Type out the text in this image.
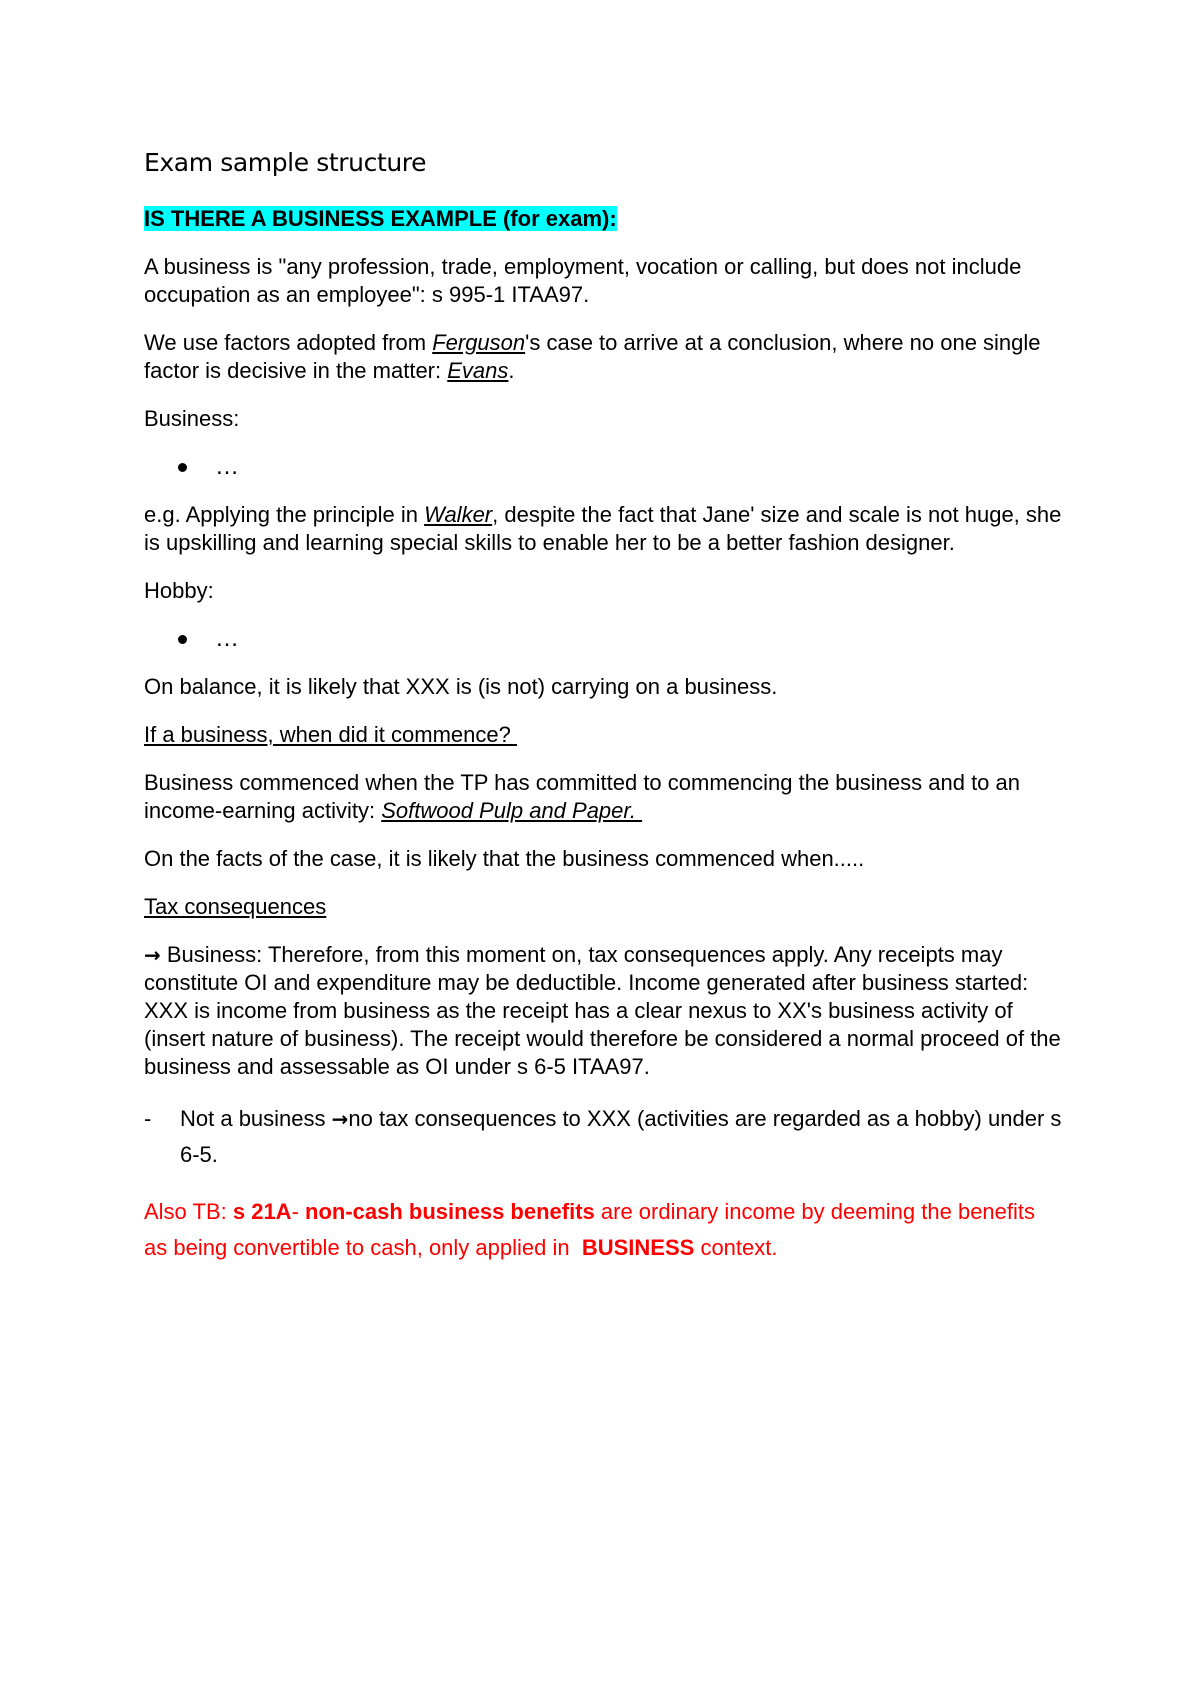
Exam sample structure

IS THERE A BUSINESS EXAMPLE (for exam):

A business is "any profession, trade, employment, vocation or calling, but does not include occupation as an employee": s 995-1 ITAA97.

We use factors adopted from Ferguson's case to arrive at a conclusion, where no one single factor is decisive in the matter: Evans.

Business:

…

e.g. Applying the principle in Walker, despite the fact that Jane' size and scale is not huge, she is upskilling and learning special skills to enable her to be a better fashion designer.

Hobby:

…

On balance, it is likely that XXX is (is not) carrying on a business.

If a business, when did it commence?

Business commenced when the TP has committed to commencing the business and to an income-earning activity: Softwood Pulp and Paper.

On the facts of the case, it is likely that the business commenced when.....

Tax consequences

→ Business: Therefore, from this moment on, tax consequences apply. Any receipts may constitute OI and expenditure may be deductible. Income generated after business started: XXX is income from business as the receipt has a clear nexus to XX's business activity of (insert nature of business). The receipt would therefore be considered a normal proceed of the business and assessable as OI under s 6-5 ITAA97.

-	Not a business →no tax consequences to XXX (activities are regarded as a hobby) under s 6-5.

Also TB: s 21A- non-cash business benefits are ordinary income by deeming the benefits as being convertible to cash, only applied in  BUSINESS context.
